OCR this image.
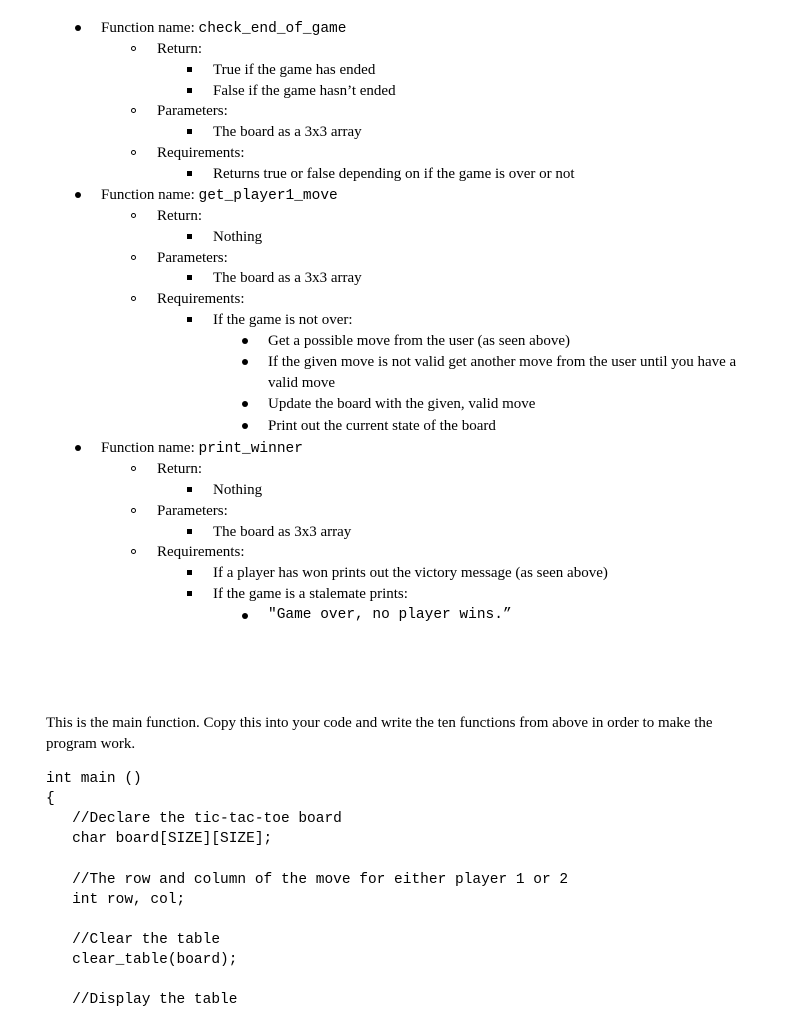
Function name: check_end_of_game
Return:
True if the game has ended
False if the game hasn’t ended
Parameters:
The board as a 3x3 array
Requirements:
Returns true or false depending on if the game is over or not
Function name: get_player1_move
Return:
Nothing
Parameters:
The board as a 3x3 array
Requirements:
If the game is not over:
Get a possible move from the user (as seen above)
If the given move is not valid get another move from the user until you have a
valid move
Update the board with the given, valid move
Print out the current state of the board
Function name: print_winner
Return:
Nothing
Parameters:
The board as 3x3 array
Requirements:
If a player has won prints out the victory message (as seen above)
If the game is a stalemate prints:
"Game over, no player wins.”
This is the main function. Copy this into your code and write the ten functions from above in order to make the
program work.
int main ()
{
//Declare the tic-tac-toe board
char board[SIZE][SIZE];
//The row and column of the move for either player 1 or 2
int row, col;
//Clear the table
clear_table(board);
//Display the table
